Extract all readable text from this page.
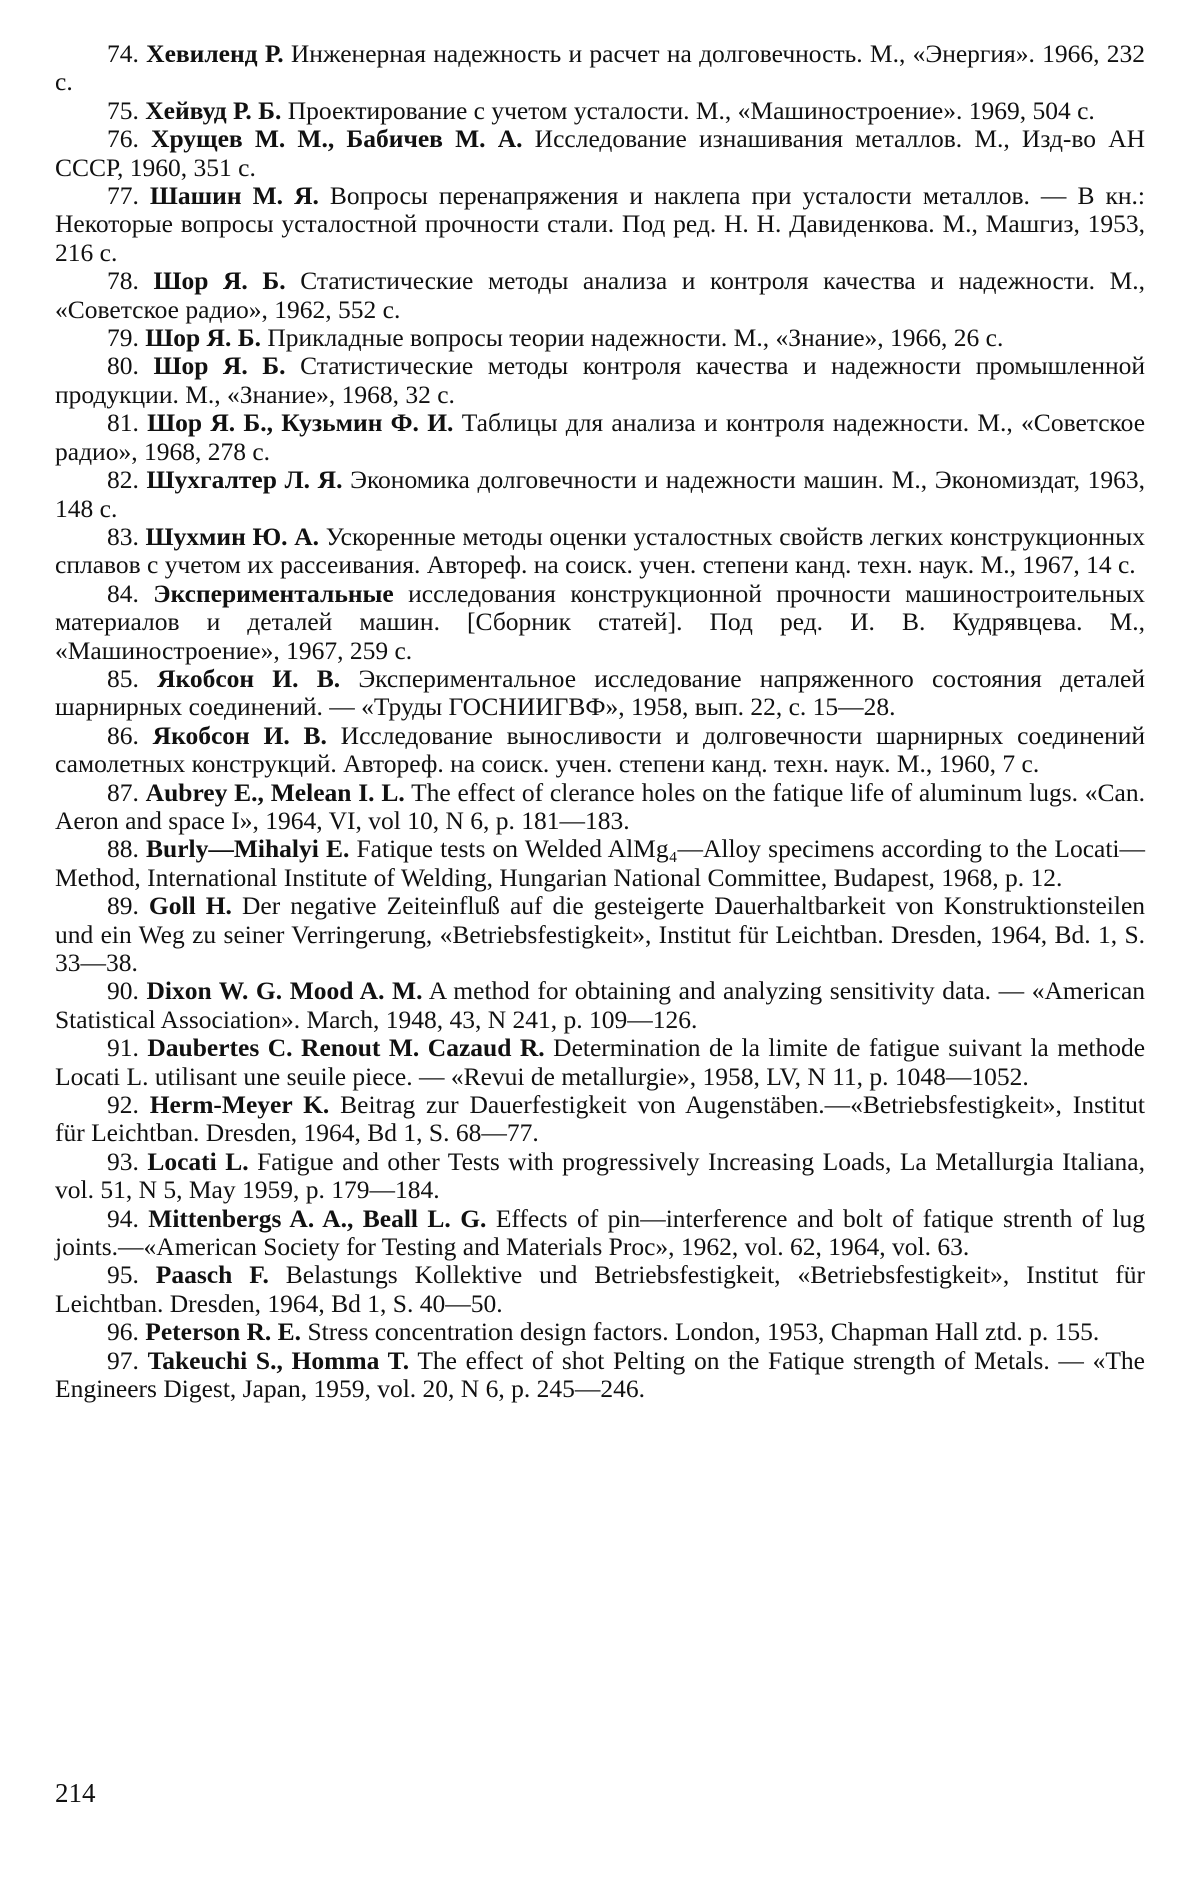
74. Хевиленд Р. Инженерная надежность и расчет на долговечность. М., «Энергия». 1966, 232 с.

75. Хейвуд Р. Б. Проектирование с учетом усталости. М., «Машиностроение». 1969, 504 с.

76. Хрущев М. М., Бабичев М. А. Исследование изнашивания металлов. М., Изд-во АН СССР, 1960, 351 с.

77. Шашин М. Я. Вопросы перенапряжения и наклепа при усталости металлов. — В кн.: Некоторые вопросы усталостной прочности стали. Под ред. Н. Н. Давиденкова. М., Машгиз, 1953, 216 с.

78. Шор Я. Б. Статистические методы анализа и контроля качества и надежности. М., «Советское радио», 1962, 552 с.

79. Шор Я. Б. Прикладные вопросы теории надежности. М., «Знание», 1966, 26 с.

80. Шор Я. Б. Статистические методы контроля качества и надежности промышленной продукции. М., «Знание», 1968, 32 с.

81. Шор Я. Б., Кузьмин Ф. И. Таблицы для анализа и контроля надежности. М., «Советское радио», 1968, 278 с.

82. Шухгалтер Л. Я. Экономика долговечности и надежности машин. М., Экономиздат, 1963, 148 с.

83. Шухмин Ю. А. Ускоренные методы оценки усталостных свойств легких конструкционных сплавов с учетом их рассеивания. Автореф. на соиск. учен. степени канд. техн. наук. М., 1967, 14 с.

84. Экспериментальные исследования конструкционной прочности машиностроительных материалов и деталей машин. [Сборник статей]. Под ред. И. В. Кудрявцева. М., «Машиностроение», 1967, 259 с.

85. Якобсон И. В. Экспериментальное исследование напряженного состояния деталей шарнирных соединений. — «Труды ГОСНИИГВФ», 1958, вып. 22, с. 15—28.

86. Якобсон И. В. Исследование выносливости и долговечности шарнирных соединений самолетных конструкций. Автореф. на соиск. учен. степени канд. техн. наук. М., 1960, 7 с.

87. Aubrey E., Melean I. L. The effect of clerance holes on the fatique life of aluminum lugs. «Can. Aeron and space I», 1964, VI, vol 10, N 6, p. 181—183.

88. Burly—Mihalyi E. Fatique tests on Welded AlMg₄—Alloy specimens according to the Locati—Method, International Institute of Welding, Hungarian National Committee, Budapest, 1968, p. 12.

89. Goll H. Der negative Zeiteinfluß auf die gesteigerte Dauerhaltbarkeit von Konstruktionsteilen und ein Weg zu seiner Verringerung, «Betriebsfestigkeit», Institut für Leichtban. Dresden, 1964, Bd. 1, S. 33—38.

90. Dixon W. G. Mood A. M. A method for obtaining and analyzing sensitivity data. — «American Statistical Association». March, 1948, 43, N 241, p. 109—126.

91. Daubertes C. Renout M. Cazaud R. Determination de la limite de fatigue suivant la methode Locati L. utilisant une seuile piece. — «Revui de metallurgie», 1958, LV, N 11, p. 1048—1052.

92. Herm-Meyer K. Beitrag zur Dauerfestigkeit von Augenstäben.—«Betriebsfestigkeit», Institut für Leichtban. Dresden, 1964, Bd 1, S. 68—77.

93. Locati L. Fatigue and other Tests with progressively Increasing Loads, La Metallurgia Italiana, vol. 51, N 5, May 1959, p. 179—184.

94. Mittenbergs A. A., Beall L. G. Effects of pin—interference and bolt of fatique strenth of lug joints.—«American Society for Testing and Materials Proc», 1962, vol. 62, 1964, vol. 63.

95. Paasch F. Belastungs Kollektive und Betriebsfestigkeit, «Betriebsfestigkeit», Institut für Leichtban. Dresden, 1964, Bd 1, S. 40—50.

96. Peterson R. E. Stress concentration design factors. London, 1953, Chapman Hall ztd. p. 155.

97. Takeuchi S., Homma T. The effect of shot Pelting on the Fatique strength of Metals. — «The Engineers Digest, Japan, 1959, vol. 20, N 6, p. 245—246.

214
